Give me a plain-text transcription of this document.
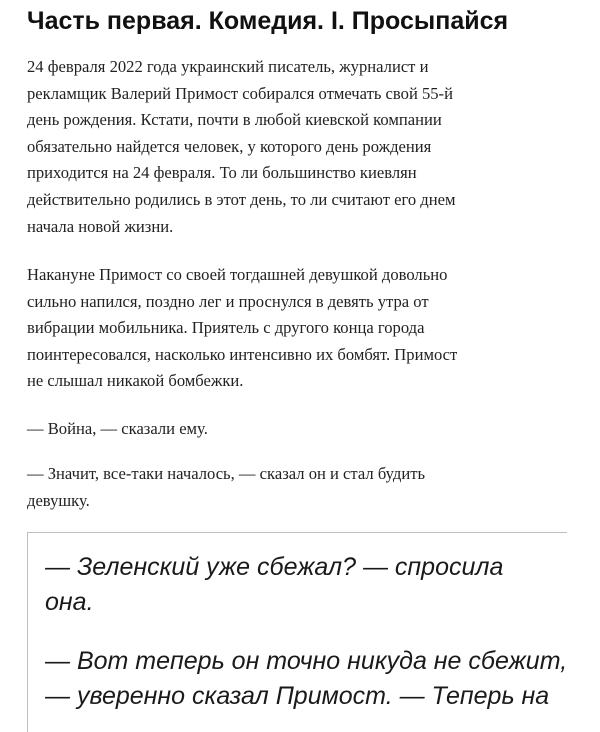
Часть первая. Комедия. I. Просыпайся

24 февраля 2022 года украинский писатель, журналист и
рекламщик Валерий Примост собирался отмечать свой 55-й
день рождения. Кстати, почти в любой киевской компании
обязательно найдется человек, у которого день рождения
приходится на 24 февраля. То ли большинство киевлян
действительно родились в этот день, то ли считают его днем
начала новой жизни.

Накануне Примост со своей тогдашней девушкой довольно
сильно напился, поздно лег и проснулся в девять утра от
вибрации мобильника. Приятель с другого конца города
поинтересовался, насколько интенсивно их бомбят. Примост
не слышал никакой бомбежки.

— Война, — сказали ему.

— Значит, все-таки началось, — сказал он и стал будить
девушку.

— Зеленский уже сбежал? — спросила
она.

— Вот теперь он точно никуда не сбежит,
— уверенно сказал Примост. — Теперь на
